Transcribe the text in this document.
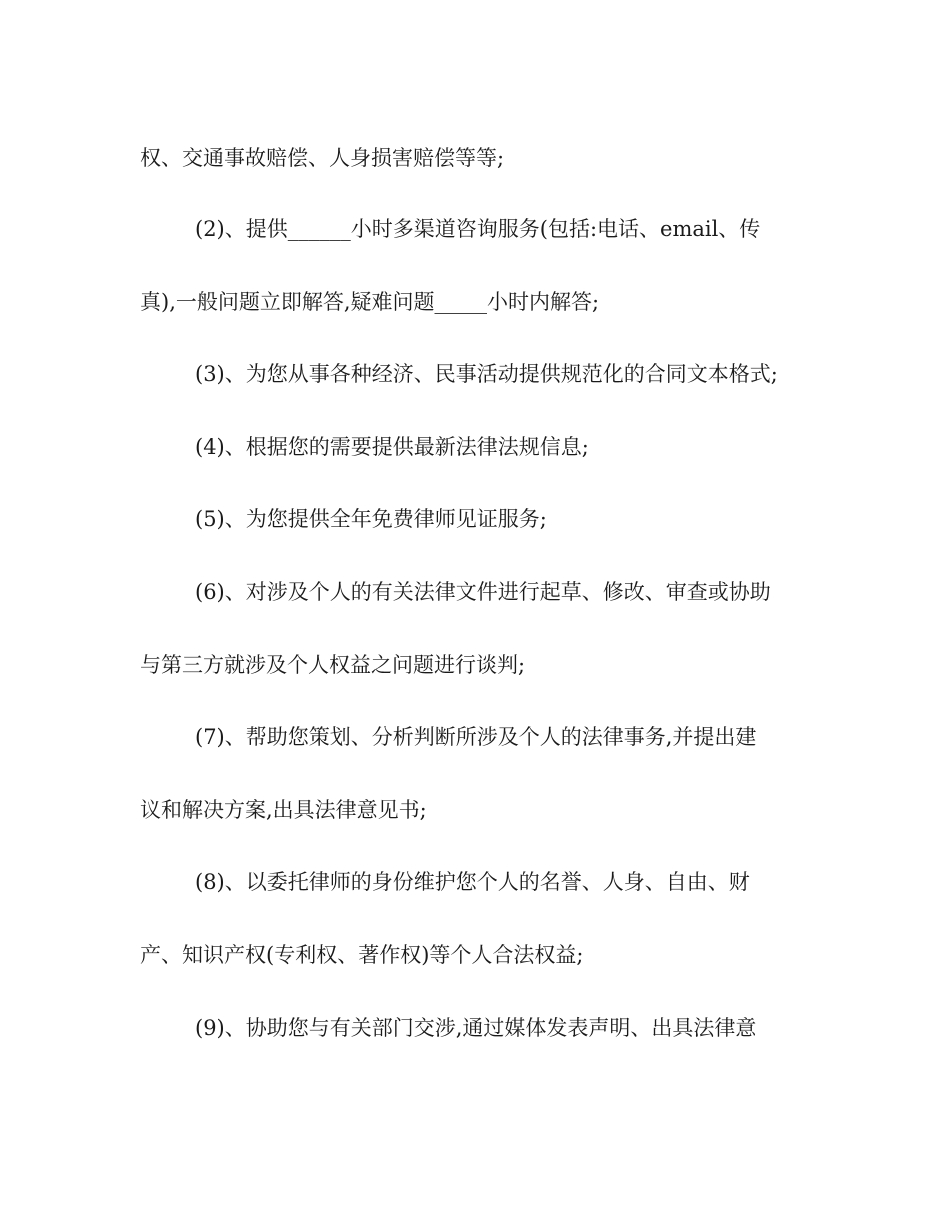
权、交通事故赔偿、人身损害赔偿等等;
(2)、提供______小时多渠道咨询服务(包括:电话、email、传
真),一般问题立即解答,疑难问题_____小时内解答;
(3)、为您从事各种经济、民事活动提供规范化的合同文本格式;
(4)、根据您的需要提供最新法律法规信息;
(5)、为您提供全年免费律师见证服务;
(6)、对涉及个人的有关法律文件进行起草、修改、审查或协助
与第三方就涉及个人权益之问题进行谈判;
(7)、帮助您策划、分析判断所涉及个人的法律事务,并提出建
议和解决方案,出具法律意见书;
(8)、以委托律师的身份维护您个人的名誉、人身、自由、财
产、知识产权(专利权、著作权)等个人合法权益;
(9)、协助您与有关部门交涉,通过媒体发表声明、出具法律意
